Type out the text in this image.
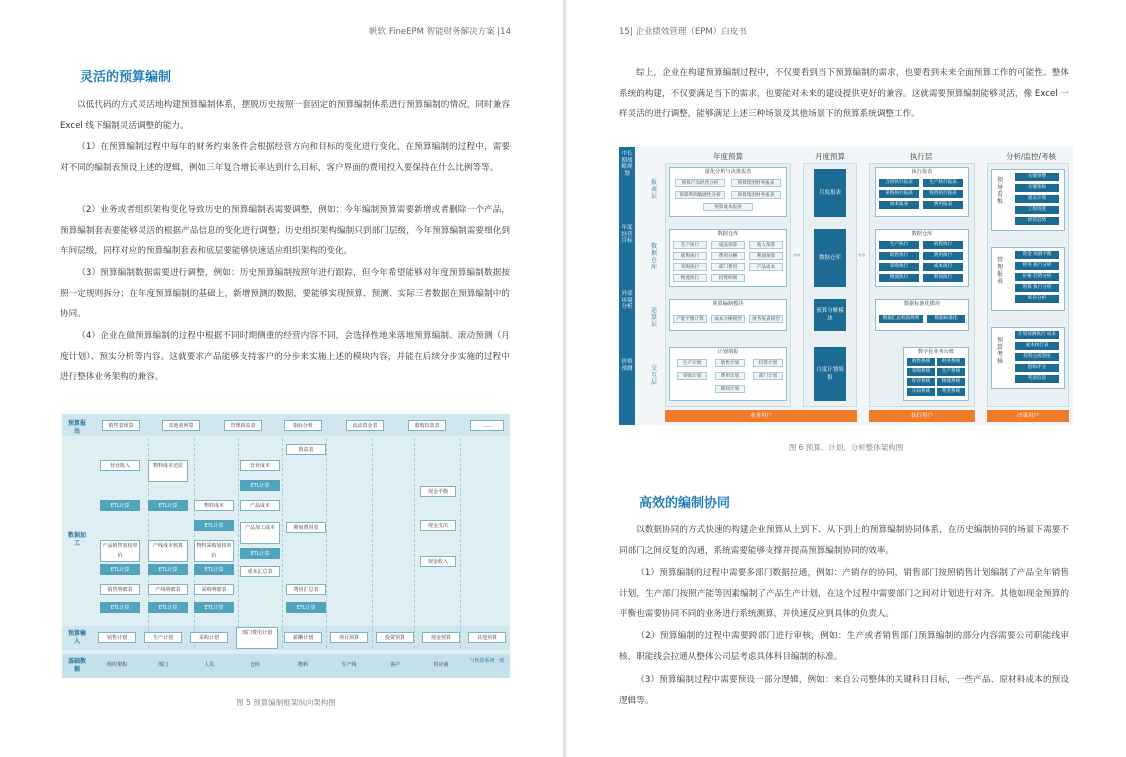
帆软 FineEPM 智能财务解决方案 |14
灵活的预算编制
以低代码的方式灵活地构建预算编制体系，摆脱历史按照一套固定的预算编制体系进行预算编制的情况，同时兼容 Excel 线下编制灵活调整的能力。
（1）在预算编制过程中每年的财务约束条件会根据经营方向和目标的变化进行变化，在预算编制的过程中，需要对不同的编制表预设上述的逻辑，例如三年复合增长率达到什么目标，客户界面的费用投入要保持在什么比例等等。
（2）业务或者组织架构变化导致历史的预算编制表需要调整，例如：今年编制预算需要新增或者删除一个产品，预算编制套表要能够灵活的根据产品信息的变化进行调整；历史组织架构编制只到部门层级，今年预算编制需要细化到车间层级，同样对应的预算编制套表和底层要能够快速适应组织架构的变化。
（3）预算编制数据需要进行调整，例如：历史预算编制按照年进行跟踪，但今年希望能够对年度预算编制数据按照一定规则拆分；在年度预算编制的基础上，新增预测的数据，要能够实现预算、预测、实际三者数据在预算编制中的协同。
（4）企业在做预算编制的过程中根据不同时期侧重的经营内容不同，会选择性地来落地预算编制、滚动预测（月度计划）、预实分析等内容。这就要求产品能够支持客户的分步来实施上述的模块内容，并能在后续分步实施的过程中进行整体业务架构的兼容。
预算报出
数据加工
预算输入
基础数据
销售表预算	其他项预算	管理损益表	指标分析	流动资金表	收购扣款表	……
营业收入
ETL计算
产品销售加权单价
ETL计算
销售明细表
ETL计算
物料成本还原
ETL计算
产线成本核算
ETL计算
产线明细表
ETL计算
物料成本
ETL计算
物料采购加权单价
ETL计算
采购明细表
ETL计算
营业成本
ETL计算
产品成本
产品加工成本
ETL计算
成本汇总表
损益表
期间费用表
费用汇总表
ETL计算
现金平衡
现金支出
现金收入
销售计划	生产计划	采购计划
部门费用计划
薪酬计划	项目预算	投资预算	现金预算	其他预算
组织架构	部门	人员	仓库	物料	生产线	客户	供应商
与核算系统一致
图 5 预算编制框架纵向架构图
15| 企业绩效管理（EPM）白皮书
综上，企业在构建预算编制过程中，不仅要看到当下预算编制的需求，也要看到未来全面预算工作的可能性。整体系统的构建，不仅要满足当下的需求，也要能对未来的建设提供更好的兼容。这就需要预算编制能够灵活，像 Excel 一样灵活的进行调整，能够满足上述三种场景及其他场景下的预算系统调整工作。
中长期战略规划
年度经营目标
外部环境分析
价格预测
年度预算	月度预算	执行层	分析/监控/考核
报表层
数据仓库
运算层
交互层
量化分析与决策报表
预算产品经营分析	预算集团财务报表
预算利润敏感性分析	预算集团财务报表
预算成本报表
数据仓库
生产执行	成品预算	收入预算
销售执行	费用分摊	利润预算
采购执行	部门费用	产品成本
物流执行	投资明细
预算编制模块
产能平衡计算	成本分摊模型	财务报表模型
计划填报
生产计划	销售计划	投资计划
采购计划	费用计划	部门计划
期间计划
月度报表
数据仓库
预算分解模块
月度计划填报
⇔
⇔
执行报表
合同执行报表	生产执行报表
采购执行报表	投资执行报表
成本报表	费用报表
数据仓库
生产执行	销售执行
销售执行	费用执行
采购执行	成本执行
物流执行	利润执行
数据标准化模块
数据汇总校验规则	数据标准化
数字化业务台账
销售系统	财务系统
采购系统	生产系统
库存系统	物流系统
车间系统	资金系统
领导看板
关键预警
关键指标
重点计划
工程进度
经营趋势
管理报表
资金 预测平衡
财务 执行分析
价格 趋势分析
预算 执行分析
库存分析
预算考核
计划预测执行 成本
成本执行表
投资完成进度
指标评分
奖惩信息
业务用户	执行用户	决策用户
图 6 预算、计划、分析整体架构图
高效的编制协同
以数据协同的方式快速的构建企业预算从上到下、从下到上的预算编制协同体系，在历史编制协同的场景下需要不同部门之间反复的沟通，系统需要能够支撑并提高预算编制协同的效率。
（1）预算编制的过程中需要多部门数据拉通，例如：产销存的协同，销售部门按照销售计划编制了产品全年销售计划，生产部门按照产能等因素编制了产品生产计划，在这个过程中需要部门之间对计划进行对齐。其他如现金预算的平衡也需要协同不同的业务进行系统测算，并快速反应到具体的负责人。
（2）预算编制的过程中需要跨部门进行审核，例如：生产或者销售部门预算编制的部分内容需要公司职能线审核，职能线会拉通从整体公司层考虑具体科目编制的标准。
（3）预算编制过程中需要预设一部分逻辑，例如：来自公司整体的关键科目目标，一些产品、原材料成本的预设逻辑等。
